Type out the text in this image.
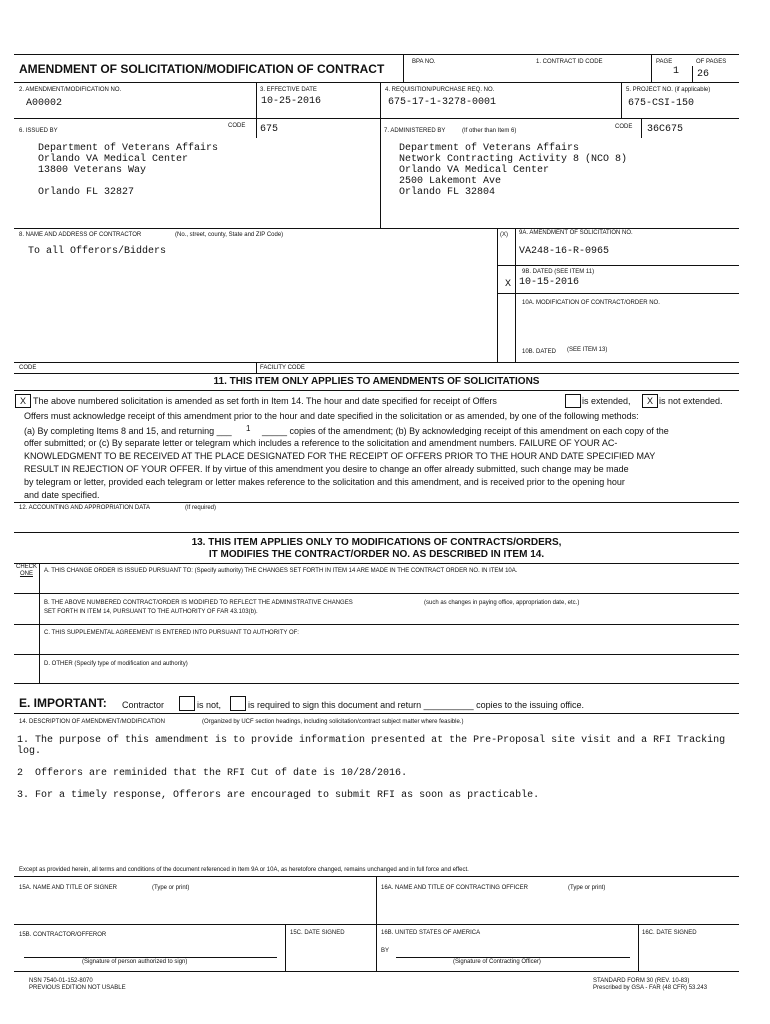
AMENDMENT OF SOLICITATION/MODIFICATION OF CONTRACT	BPA NO.	1. CONTRACT ID CODE	PAGE
1
OF PAGES
26
2. AMENDMENT/MODIFICATION NO.
A00002
3. EFFECTIVE DATE
10-25-2016
4. REQUISITION/PURCHASE REQ. NO.
675-17-1-3278-0001
5. PROJECT NO. (if applicable)
675-CSI-150
6. ISSUED BY
CODE 675
Department of Veterans Affairs
Orlando VA Medical Center
13800 Veterans Way

Orlando FL 32827
7. ADMINISTERED BY	(If other than Item 6)
CODE 36C675
Department of Veterans Affairs
Network Contracting Activity 8 (NCO 8)
Orlando VA Medical Center
2500 Lakemont Ave
Orlando FL 32804
8. NAME AND ADDRESS OF CONTRACTOR	(No., street, county, State and ZIP Code)
To all Offerors/Bidders
(X) 9A. AMENDMENT OF SOLICITATION NO.
VA248-16-R-0965
9B. DATED (SEE ITEM 11)
X 10-15-2016
10A. MODIFICATION OF CONTRACT/ORDER NO.
10B. DATED (SEE ITEM 13)
CODE	FACILITY CODE
11. THIS ITEM ONLY APPLIES TO AMENDMENTS OF SOLICITATIONS
X The above numbered solicitation is amended as set forth in Item 14. The hour and date specified for receipt of Offers	is extended,	X is not extended.
Offers must acknowledge receipt of this amendment prior to the hour and date specified in the solicitation or as amended, by one of the following methods:
(a) By completing Items 8 and 15, and returning ___ 1 _____ copies of the amendment; (b) By acknowledging receipt of this amendment on each copy of the
offer submitted; or (c) By separate letter or telegram which includes a reference to the solicitation and amendment numbers. FAILURE OF YOUR AC-
KNOWLEDGMENT TO BE RECEIVED AT THE PLACE DESIGNATED FOR THE RECEIPT OF OFFERS PRIOR TO THE HOUR AND DATE SPECIFIED MAY
RESULT IN REJECTION OF YOUR OFFER. If by virtue of this amendment you desire to change an offer already submitted, such change may be made
by telegram or letter, provided each telegram or letter makes reference to the solicitation and this amendment, and is received prior to the opening hour
and date specified.
12. ACCOUNTING AND APPROPRIATION DATA	(If required)
13. THIS ITEM APPLIES ONLY TO MODIFICATIONS OF CONTRACTS/ORDERS,
IT MODIFIES THE CONTRACT/ORDER NO. AS DESCRIBED IN ITEM 14.
CHECK
ONE	A. THIS CHANGE ORDER IS ISSUED PURSUANT TO: (Specify authority) THE CHANGES SET FORTH IN ITEM 14 ARE MADE IN THE CONTRACT ORDER NO. IN ITEM 10A.
B. THE ABOVE NUMBERED CONTRACT/ORDER IS MODIFIED TO REFLECT THE ADMINISTRATIVE CHANGES	(such as changes in paying office, appropriation date, etc.)
SET FORTH IN ITEM 14, PURSUANT TO THE AUTHORITY OF FAR 43.103(b).
C. THIS SUPPLEMENTAL AGREEMENT IS ENTERED INTO PURSUANT TO AUTHORITY OF:
D. OTHER (Specify type of modification and authority)
E. IMPORTANT: Contractor	is not,	is required to sign this document and return __________ copies to the issuing office.
14. DESCRIPTION OF AMENDMENT/MODIFICATION	(Organized by UCF section headings, including solicitation/contract subject matter where feasible.)
1. The purpose of this amendment is to provide information presented at the Pre-Proposal site visit and a RFI Tracking
log.
2  Offerors are reminided that the RFI Cut of date is 10/28/2016.
3. For a timely response, Offerors are encouraged to submit RFI as soon as practicable.
Except as provided herein, all terms and conditions of the document referenced in Item 9A or 10A, as heretofore changed, remains unchanged and in full force and effect.
15A. NAME AND TITLE OF SIGNER	(Type or print)	16A. NAME AND TITLE OF CONTRACTING OFFICER	(Type or print)
15B. CONTRACTOR/OFFEROR	15C. DATE SIGNED	16B. UNITED STATES OF AMERICA	16C. DATE SIGNED
BY
(Signature of person authorized to sign)	(Signature of Contracting Officer)
NSN 7540-01-152-8070
PREVIOUS EDITION NOT USABLE
STANDARD FORM 30 (REV. 10-83)
Prescribed by GSA - FAR (48 CFR) 53.243
